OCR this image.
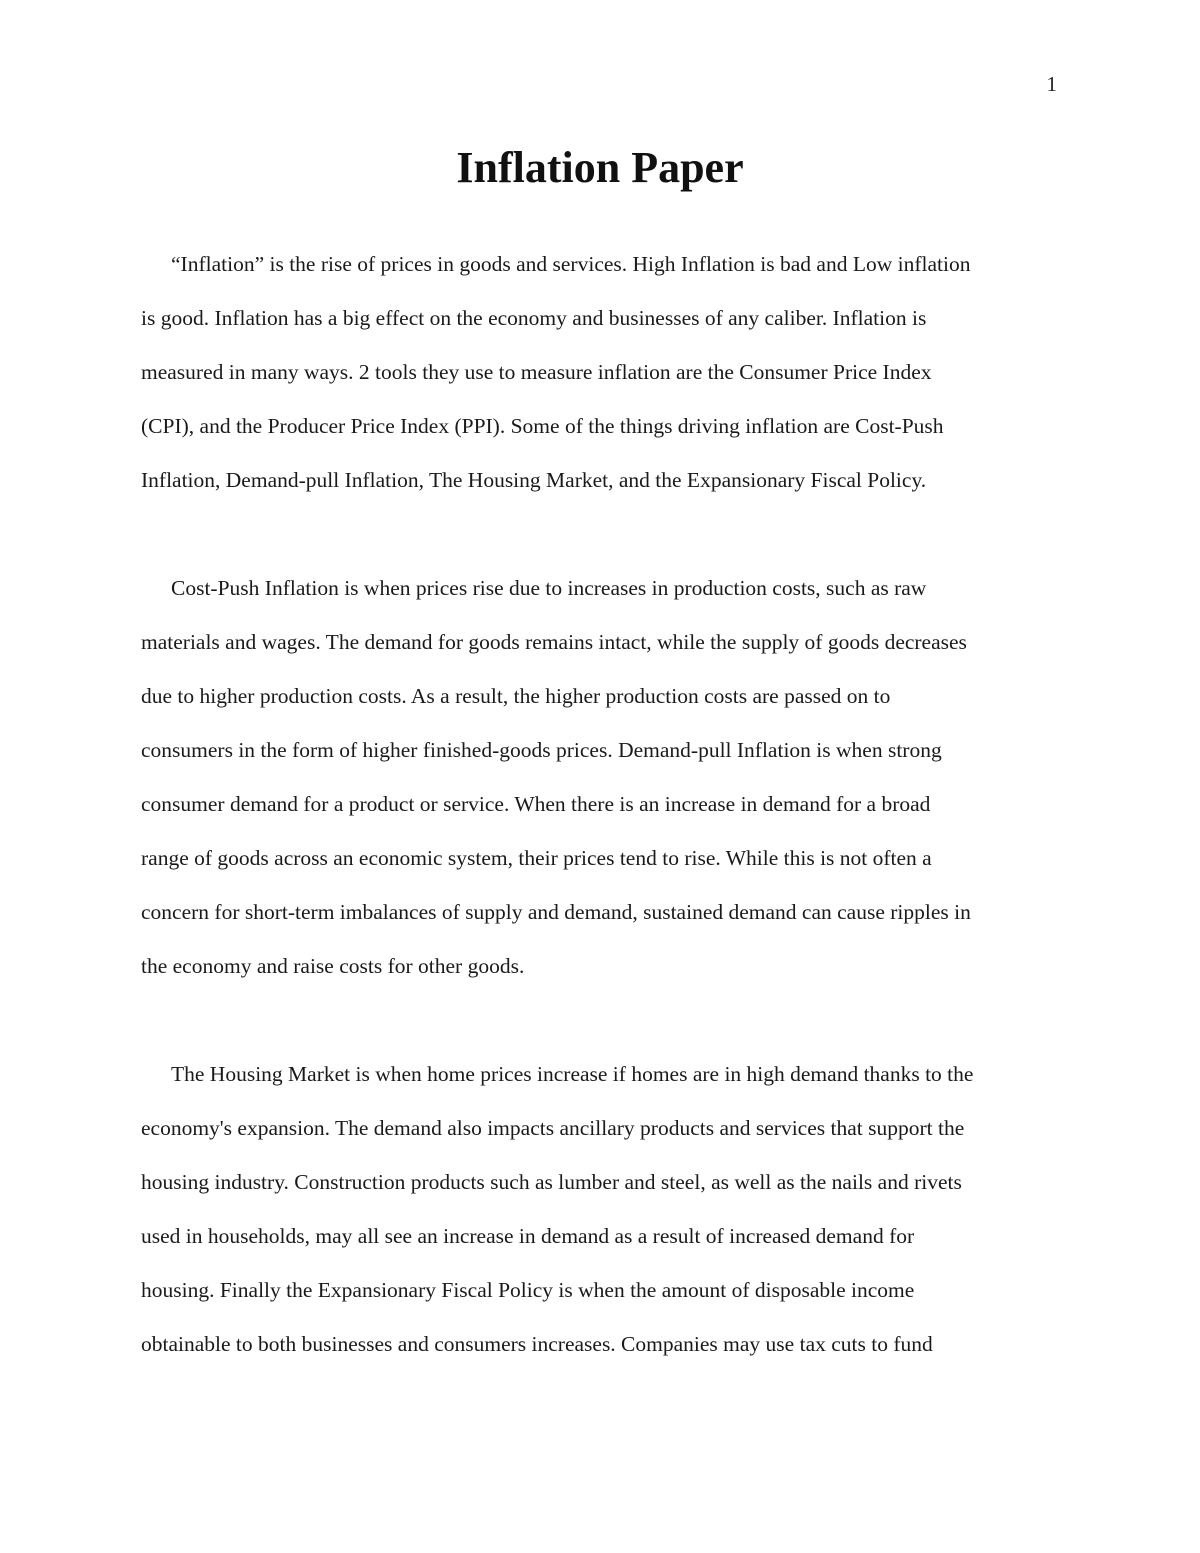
1
Inflation Paper

“Inflation” is the rise of prices in goods and services. High Inflation is bad and Low inflation
is good. Inflation has a big effect on the economy and businesses of any caliber. Inflation is
measured in many ways. 2 tools they use to measure inflation are the Consumer Price Index
(CPI), and the Producer Price Index (PPI). Some of the things driving inflation are Cost-Push
Inflation, Demand-pull Inflation, The Housing Market, and the Expansionary Fiscal Policy.

Cost-Push Inflation is when prices rise due to increases in production costs, such as raw
materials and wages. The demand for goods remains intact, while the supply of goods decreases
due to higher production costs. As a result, the higher production costs are passed on to
consumers in the form of higher finished-goods prices. Demand-pull Inflation is when strong
consumer demand for a product or service. When there is an increase in demand for a broad
range of goods across an economic system, their prices tend to rise. While this is not often a
concern for short-term imbalances of supply and demand, sustained demand can cause ripples in
the economy and raise costs for other goods.

The Housing Market is when home prices increase if homes are in high demand thanks to the
economy's expansion. The demand also impacts ancillary products and services that support the
housing industry. Construction products such as lumber and steel, as well as the nails and rivets
used in households, may all see an increase in demand as a result of increased demand for
housing. Finally the Expansionary Fiscal Policy is when the amount of disposable income
obtainable to both businesses and consumers increases. Companies may use tax cuts to fund
